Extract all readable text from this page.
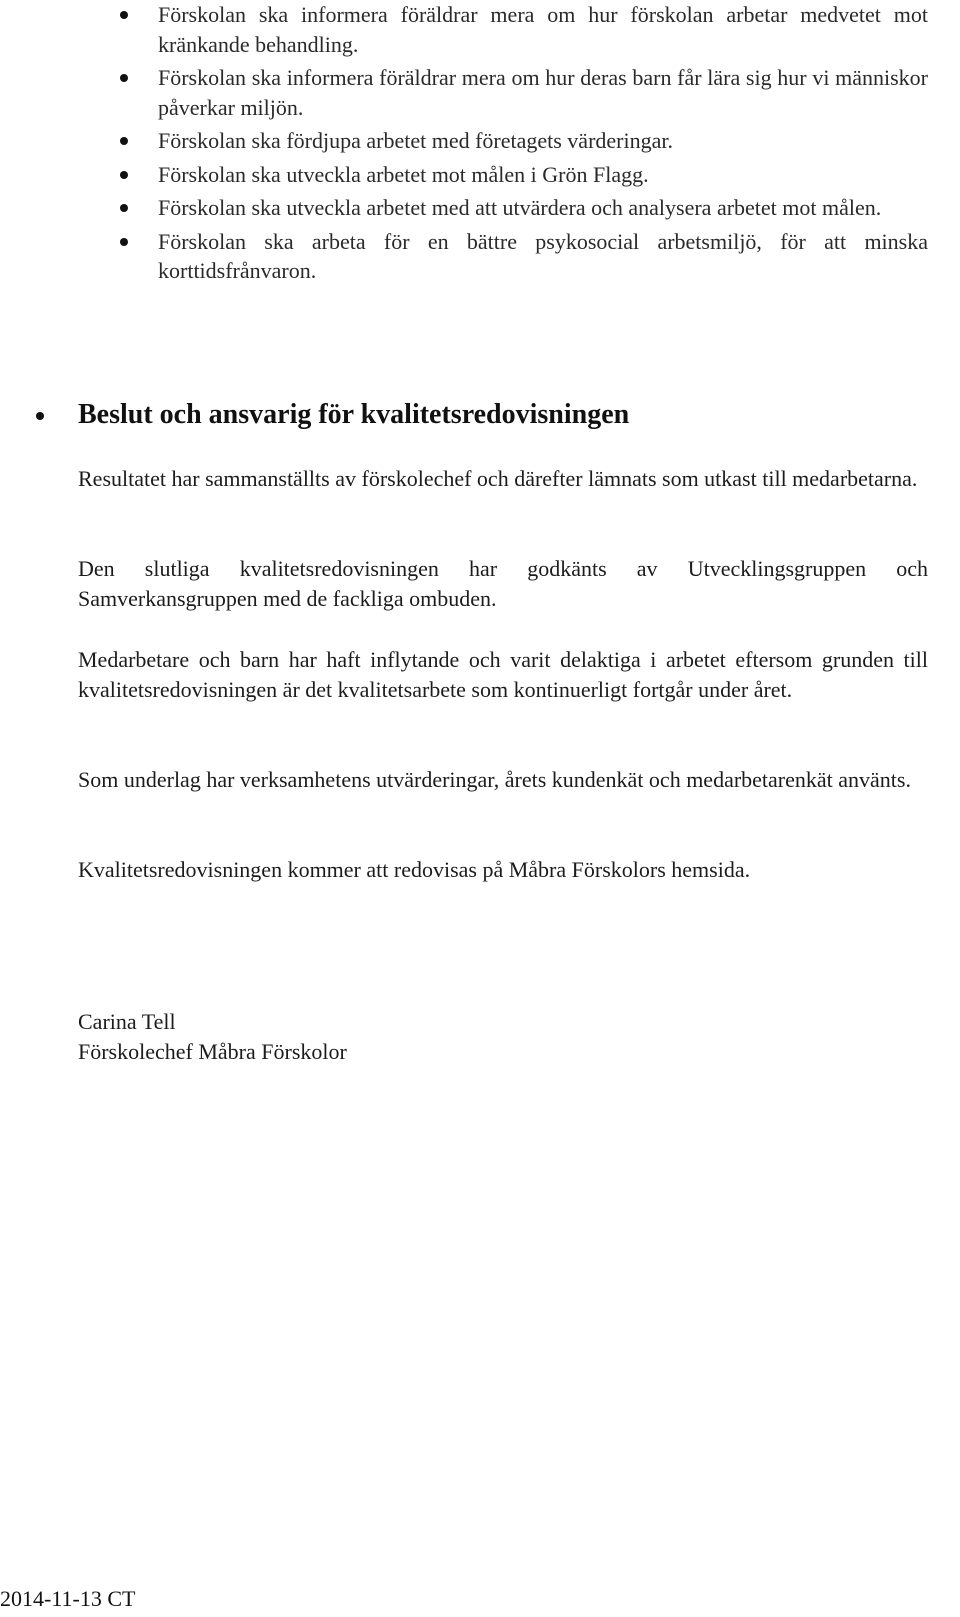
Förskolan ska informera föräldrar mera om hur förskolan arbetar medvetet mot kränkande behandling.
Förskolan ska informera föräldrar mera om hur deras barn får lära sig hur vi människor påverkar miljön.
Förskolan ska fördjupa arbetet med företagets värderingar.
Förskolan ska utveckla arbetet mot målen i Grön Flagg.
Förskolan ska utveckla arbetet med att utvärdera och analysera arbetet mot målen.
Förskolan ska arbeta för en bättre psykosocial arbetsmiljö, för att minska korttidsfrånvaron.
Beslut och ansvarig för kvalitetsredovisningen

Resultatet har sammanställts av förskolechef och därefter lämnats som utkast till medarbetarna.

Den slutliga kvalitetsredovisningen har godkänts av Utvecklingsgruppen och Samverkansgruppen med de fackliga ombuden.

Medarbetare och barn har haft inflytande och varit delaktiga i arbetet eftersom grunden till kvalitetsredovisningen är det kvalitetsarbete som kontinuerligt fortgår under året.

Som underlag har verksamhetens utvärderingar, årets kundenkät och medarbetarenkät använts.

Kvalitetsredovisningen kommer att redovisas på Måbra Förskolors hemsida.

Carina Tell

Förskolechef Måbra Förskolor

2014-11-13 CT
